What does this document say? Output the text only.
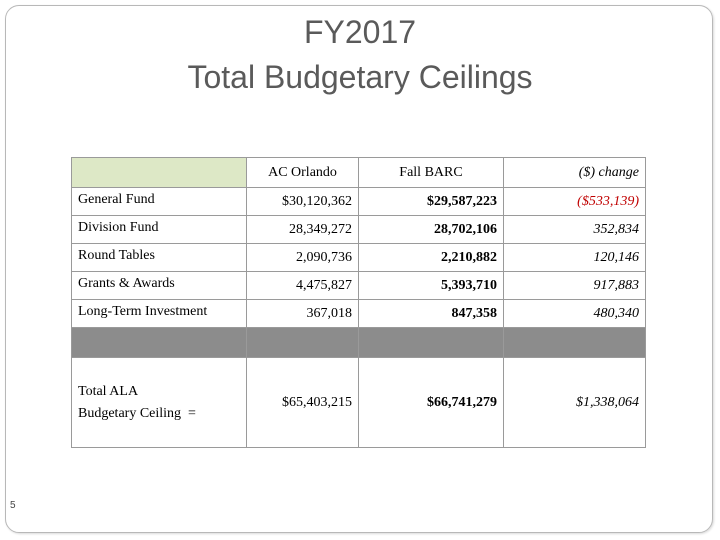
FY2017
Total Budgetary Ceilings
	AC Orlando	Fall BARC	($) change
General Fund	$30,120,362	$29,587,223	($533,139)
Division Fund	28,349,272	28,702,106	352,834
Round Tables	2,090,736	2,210,882	120,146
Grants & Awards	4,475,827	5,393,710	917,883
Long-Term Investment	367,018	847,358	480,340

Total ALA
Budgetary Ceiling  =	$65,403,215	$66,741,279	$1,338,064
5
